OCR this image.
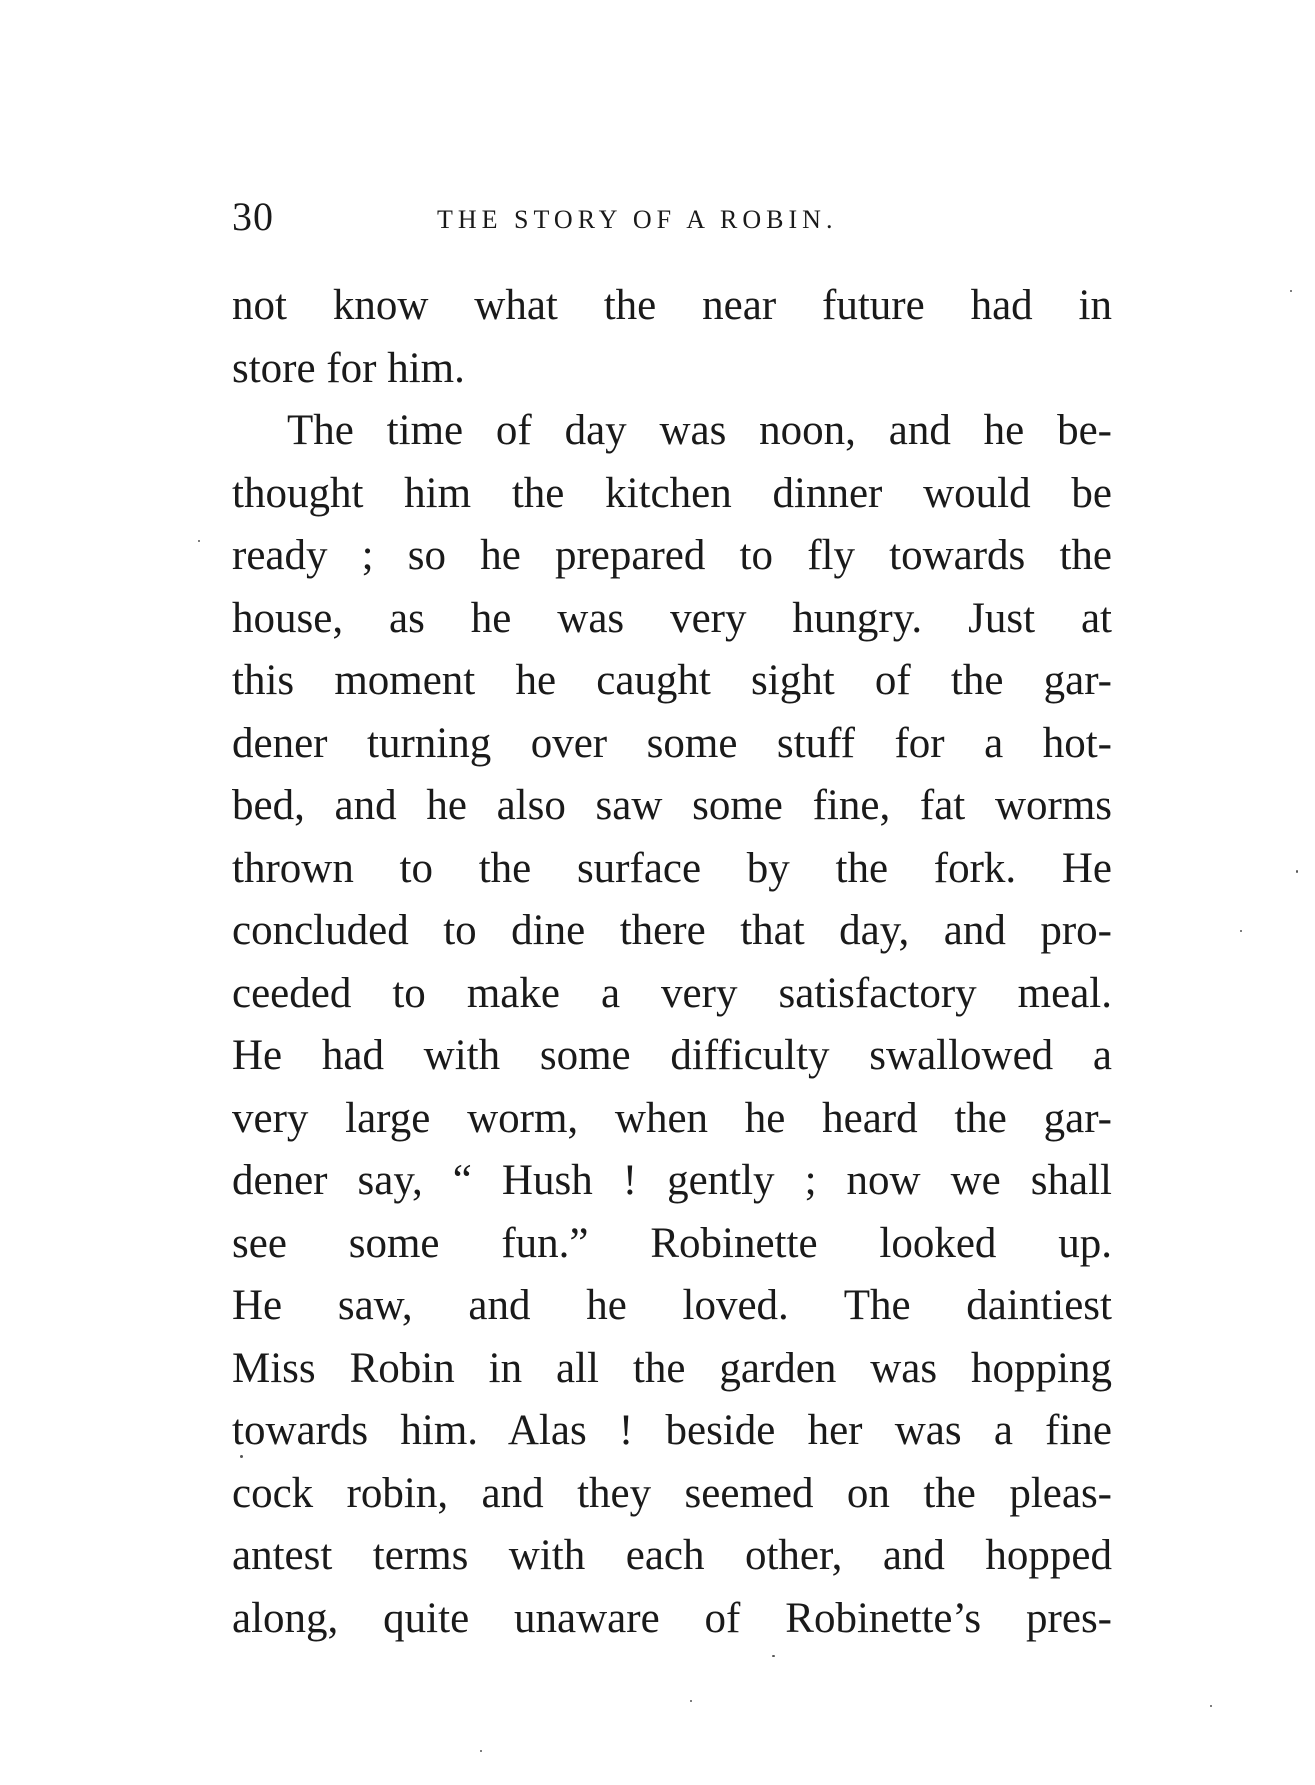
30	THE STORY OF A ROBIN.
not know what the near future had in
store for him.
The time of day was noon, and he be-
thought him the kitchen dinner would be
ready ; so he prepared to fly towards the
house, as he was very hungry. Just at
this moment he caught sight of the gar-
dener turning over some stuff for a hot-
bed, and he also saw some fine, fat worms
thrown to the surface by the fork. He
concluded to dine there that day, and pro-
ceeded to make a very satisfactory meal.
He had with some difficulty swallowed a
very large worm, when he heard the gar-
dener say, “ Hush ! gently ; now we shall
see some fun.” Robinette looked up.
He saw, and he loved. The daintiest
Miss Robin in all the garden was hopping
towards him. Alas ! beside her was a fine
cock robin, and they seemed on the pleas-
antest terms with each other, and hopped
along, quite unaware of Robinette’s pres-
